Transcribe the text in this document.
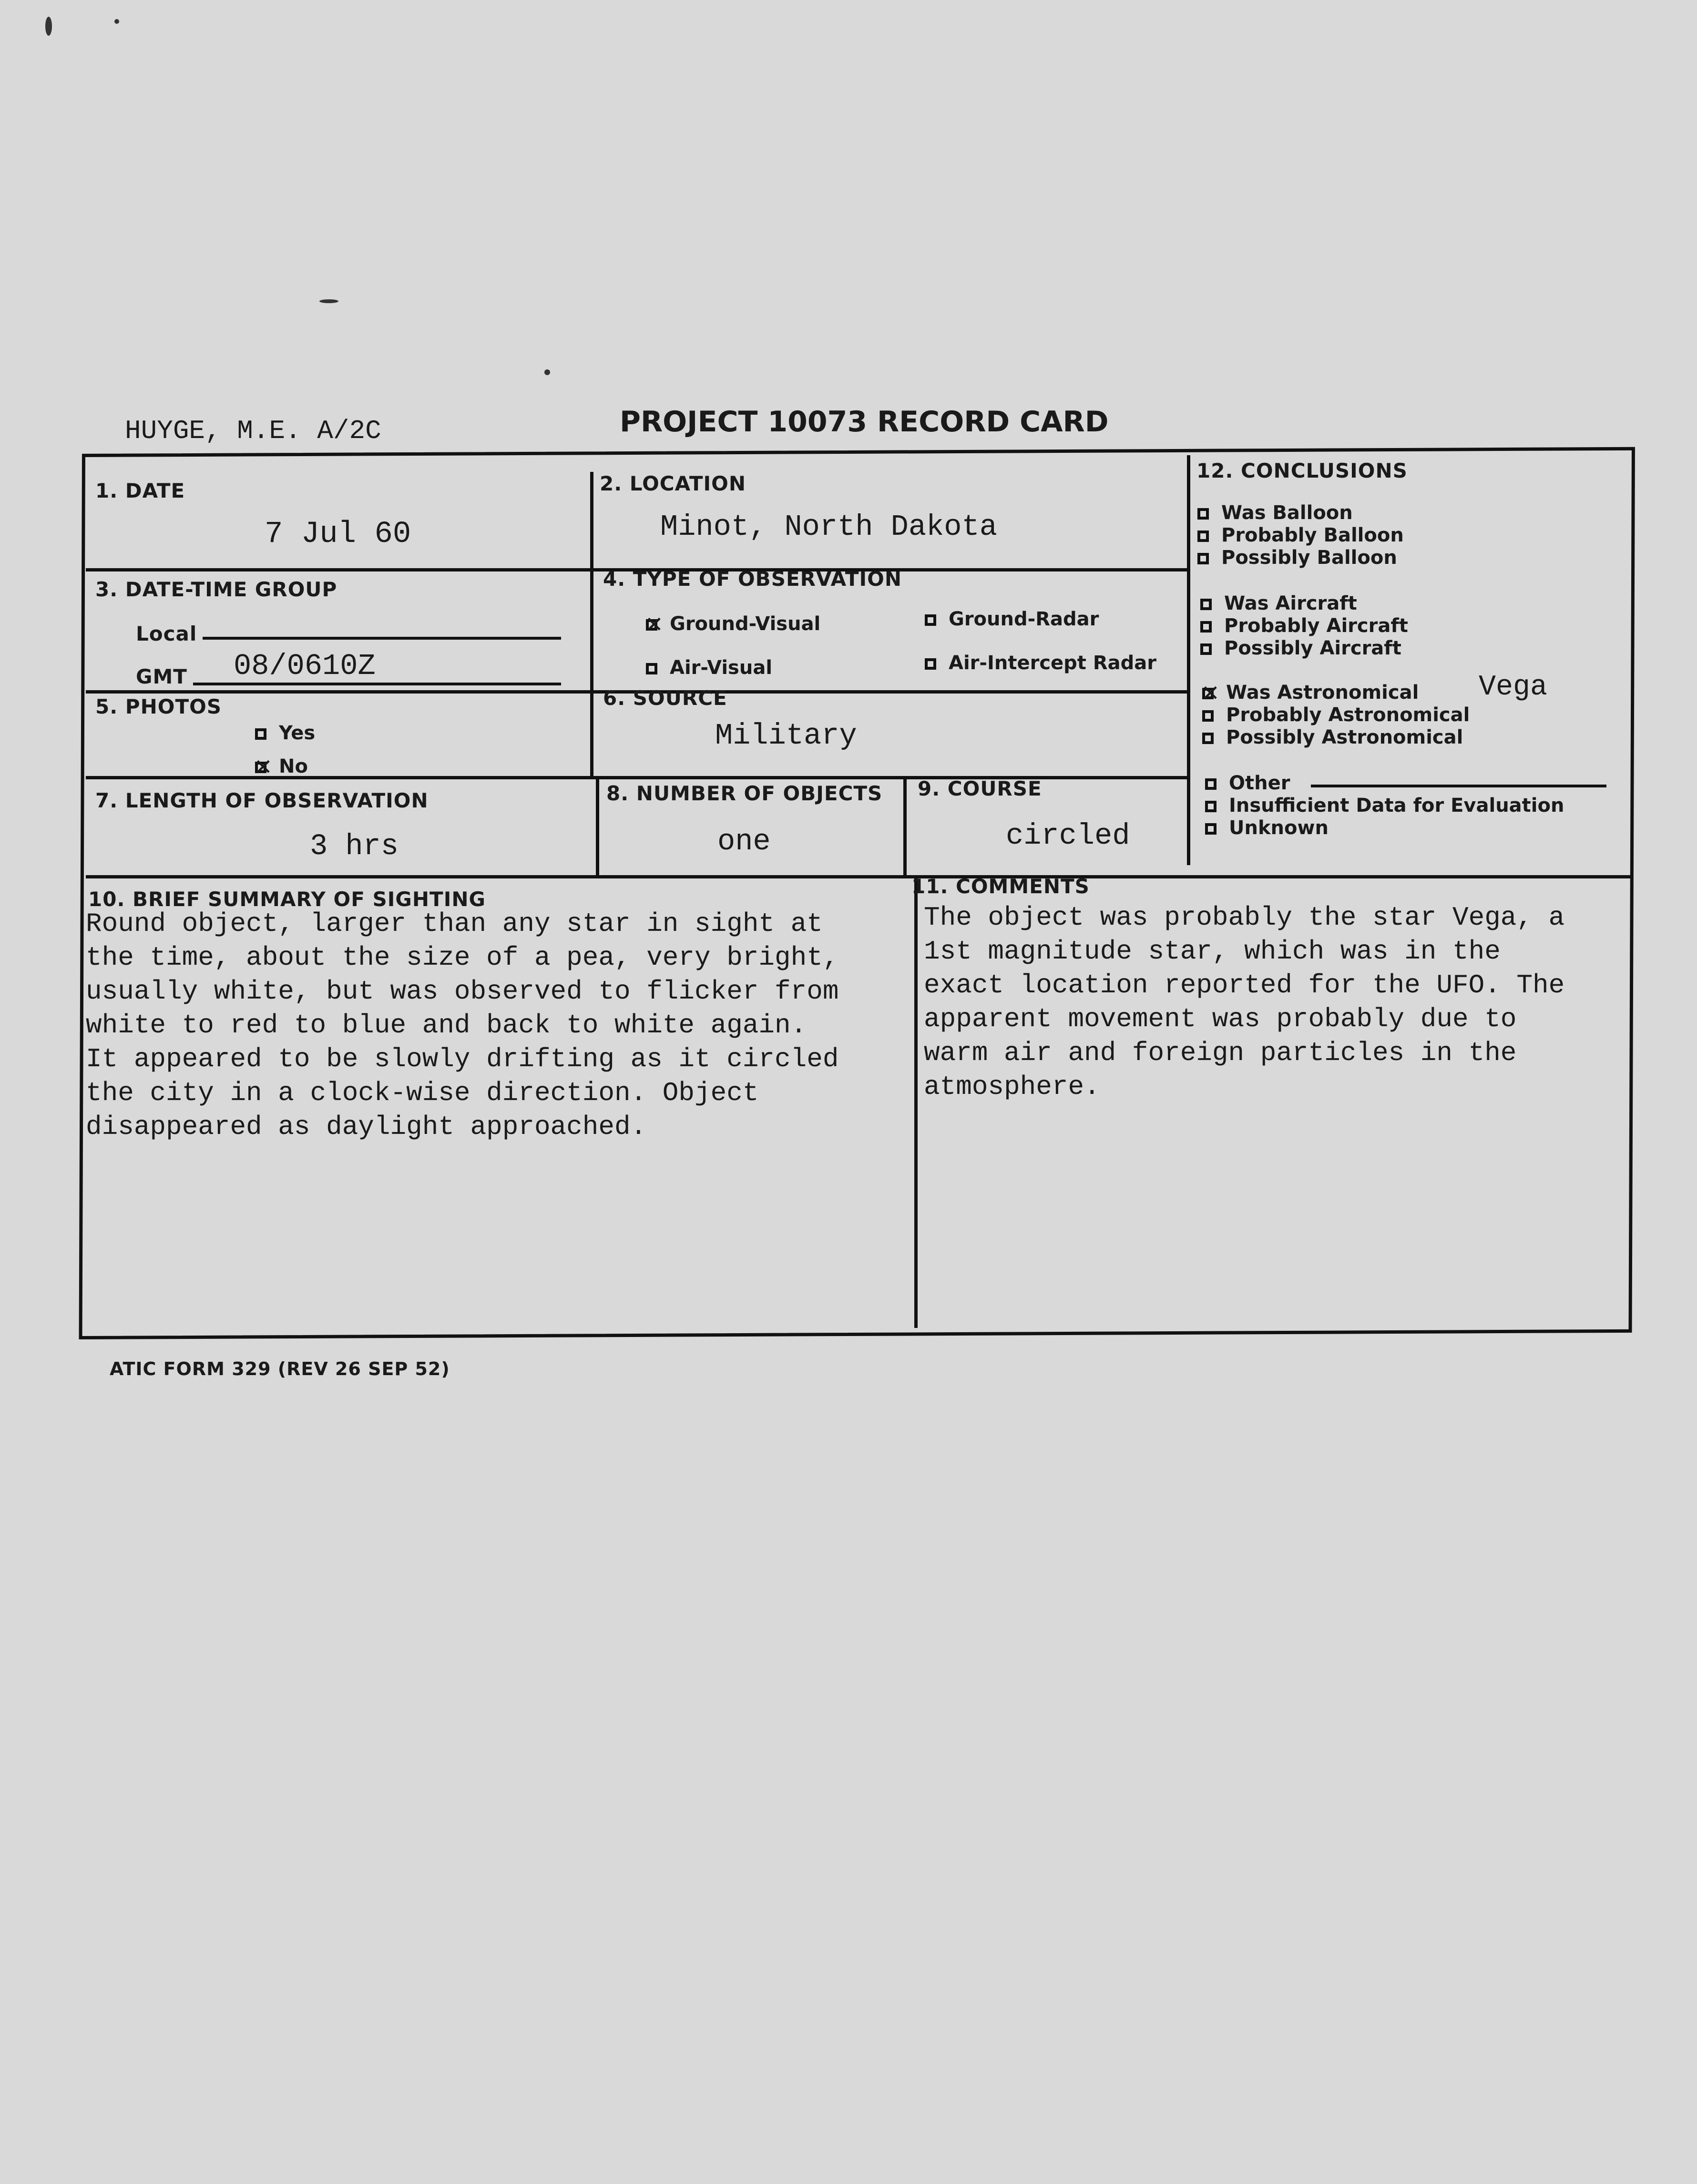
HUYGE, M.E. A/2C	PROJECT 10073 RECORD CARD
1. DATE
7 Jul 60
2. LOCATION
Minot, North Dakota
3. DATE-TIME GROUP
Local
GMT 08/0610Z
4. TYPE OF OBSERVATION
✕Ground-Visual	Ground-Radar
Air-Visual	Air-Intercept Radar
5. PHOTOS
Yes
✕No
6. SOURCE
Military
7. LENGTH OF OBSERVATION
3 hrs
8. NUMBER OF OBJECTS
one
9. COURSE
circled
10. BRIEF SUMMARY OF SIGHTING
Round object, larger than any star in sight at
the time, about the size of a pea, very bright,
usually white, but was observed to flicker from
white to red to blue and back to white again.
It appeared to be slowly drifting as it circled
the city in a clock-wise direction. Object
disappeared as daylight approached.
11. COMMENTS
The object was probably the star Vega, a
1st magnitude star, which was in the
exact location reported for the UFO. The
apparent movement was probably due to
warm air and foreign particles in the
atmosphere.
12. CONCLUSIONS
Was Balloon
Probably Balloon
Possibly Balloon
Was Aircraft
Probably Aircraft
Possibly Aircraft
✕Was Astronomical Vega
Probably Astronomical
Possibly Astronomical
Other
Insufficient Data for Evaluation
Unknown
ATIC FORM 329 (REV 26 SEP 52)
